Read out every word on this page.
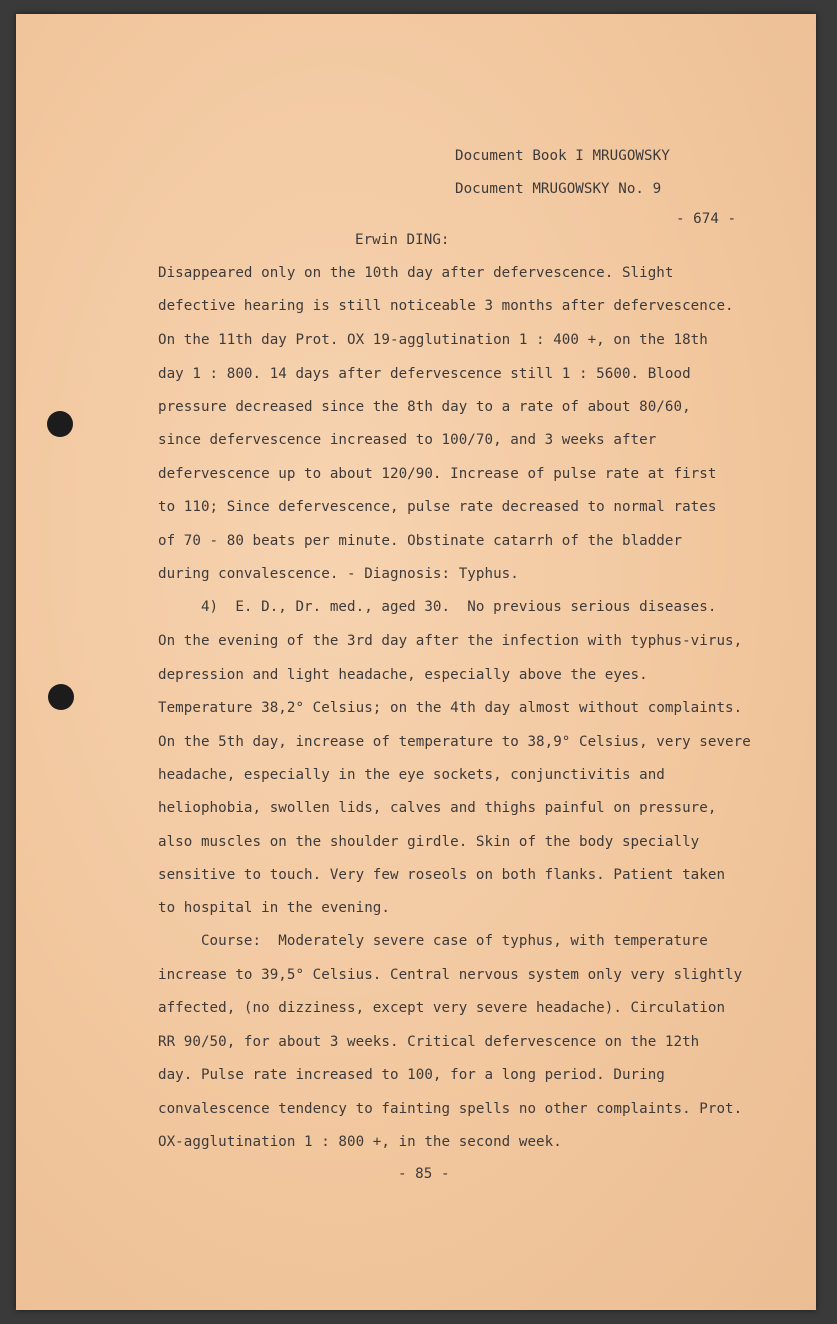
Document Book I MRUGOWSKY
Document MRUGOWSKY No. 9
- 674 -
Erwin DING:
Disappeared only on the 10th day after defervescence. Slight
defective hearing is still noticeable 3 months after defervescence.
On the 11th day Prot. OX 19-agglutination 1 : 400 +, on the 18th
day 1 : 800. 14 days after defervescence still 1 : 5600. Blood
pressure decreased since the 8th day to a rate of about 80/60,
since defervescence increased to 100/70, and 3 weeks after
defervescence up to about 120/90. Increase of pulse rate at first
to 110; Since defervescence, pulse rate decreased to normal rates
of 70 - 80 beats per minute. Obstinate catarrh of the bladder
during convalescence. - Diagnosis: Typhus.
4)  E. D., Dr. med., aged 30.  No previous serious diseases.
On the evening of the 3rd day after the infection with typhus-virus,
depression and light headache, especially above the eyes.
Temperature 38,2° Celsius; on the 4th day almost without complaints.
On the 5th day, increase of temperature to 38,9° Celsius, very severe
headache, especially in the eye sockets, conjunctivitis and
heliophobia, swollen lids, calves and thighs painful on pressure,
also muscles on the shoulder girdle. Skin of the body specially
sensitive to touch. Very few roseols on both flanks. Patient taken
to hospital in the evening.
Course:  Moderately severe case of typhus, with temperature
increase to 39,5° Celsius. Central nervous system only very slightly
affected, (no dizziness, except very severe headache). Circulation
RR 90/50, for about 3 weeks. Critical defervescence on the 12th
day. Pulse rate increased to 100, for a long period. During
convalescence tendency to fainting spells no other complaints. Prot.
OX-agglutination 1 : 800 +, in the second week.
- 85 -
